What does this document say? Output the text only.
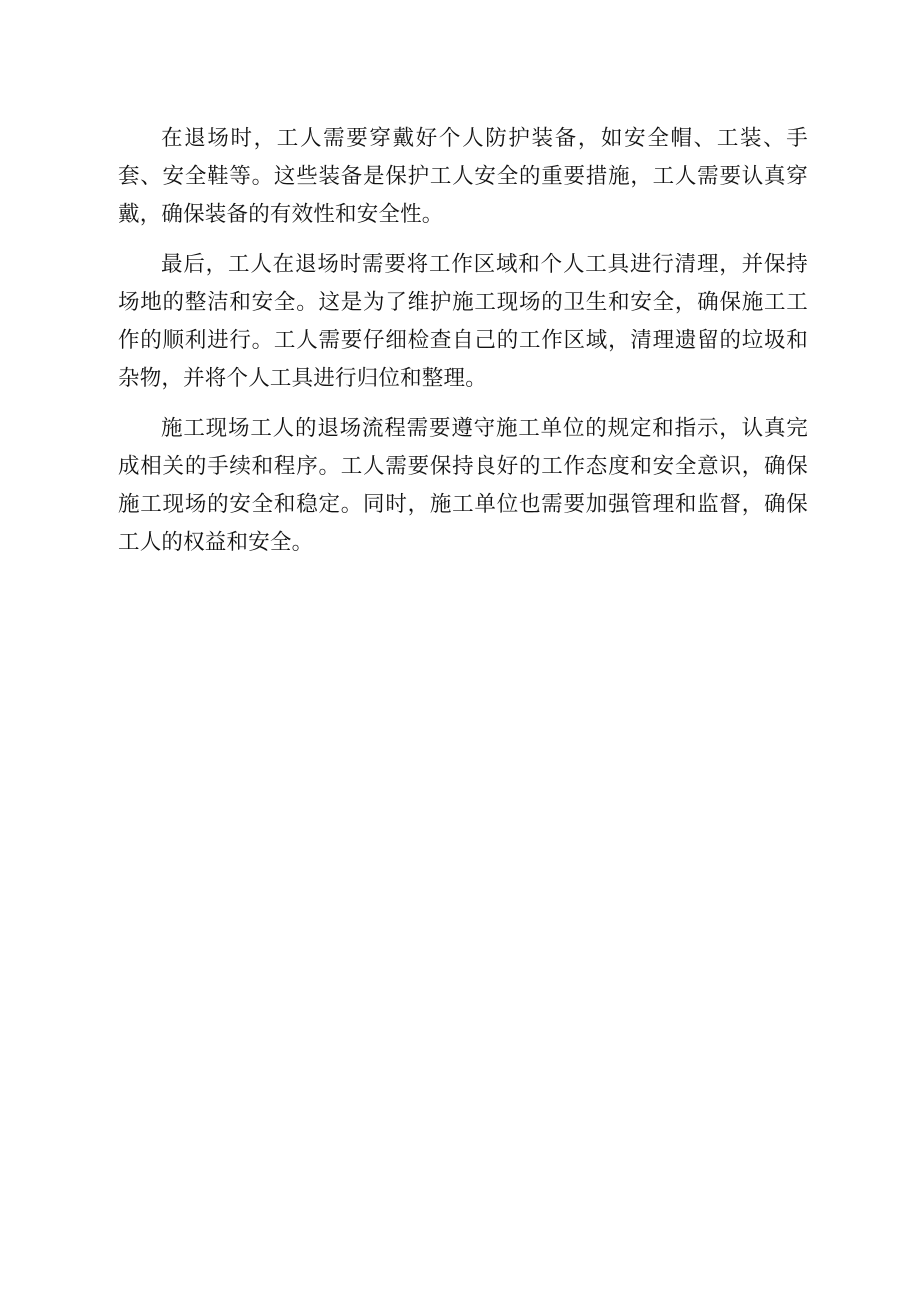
在退场时，工人需要穿戴好个人防护装备，如安全帽、工装、手套、安全鞋等。这些装备是保护工人安全的重要措施，工人需要认真穿戴，确保装备的有效性和安全性。

最后，工人在退场时需要将工作区域和个人工具进行清理，并保持场地的整洁和安全。这是为了维护施工现场的卫生和安全，确保施工工作的顺利进行。工人需要仔细检查自己的工作区域，清理遗留的垃圾和杂物，并将个人工具进行归位和整理。

施工现场工人的退场流程需要遵守施工单位的规定和指示，认真完成相关的手续和程序。工人需要保持良好的工作态度和安全意识，确保施工现场的安全和稳定。同时，施工单位也需要加强管理和监督，确保工人的权益和安全。
